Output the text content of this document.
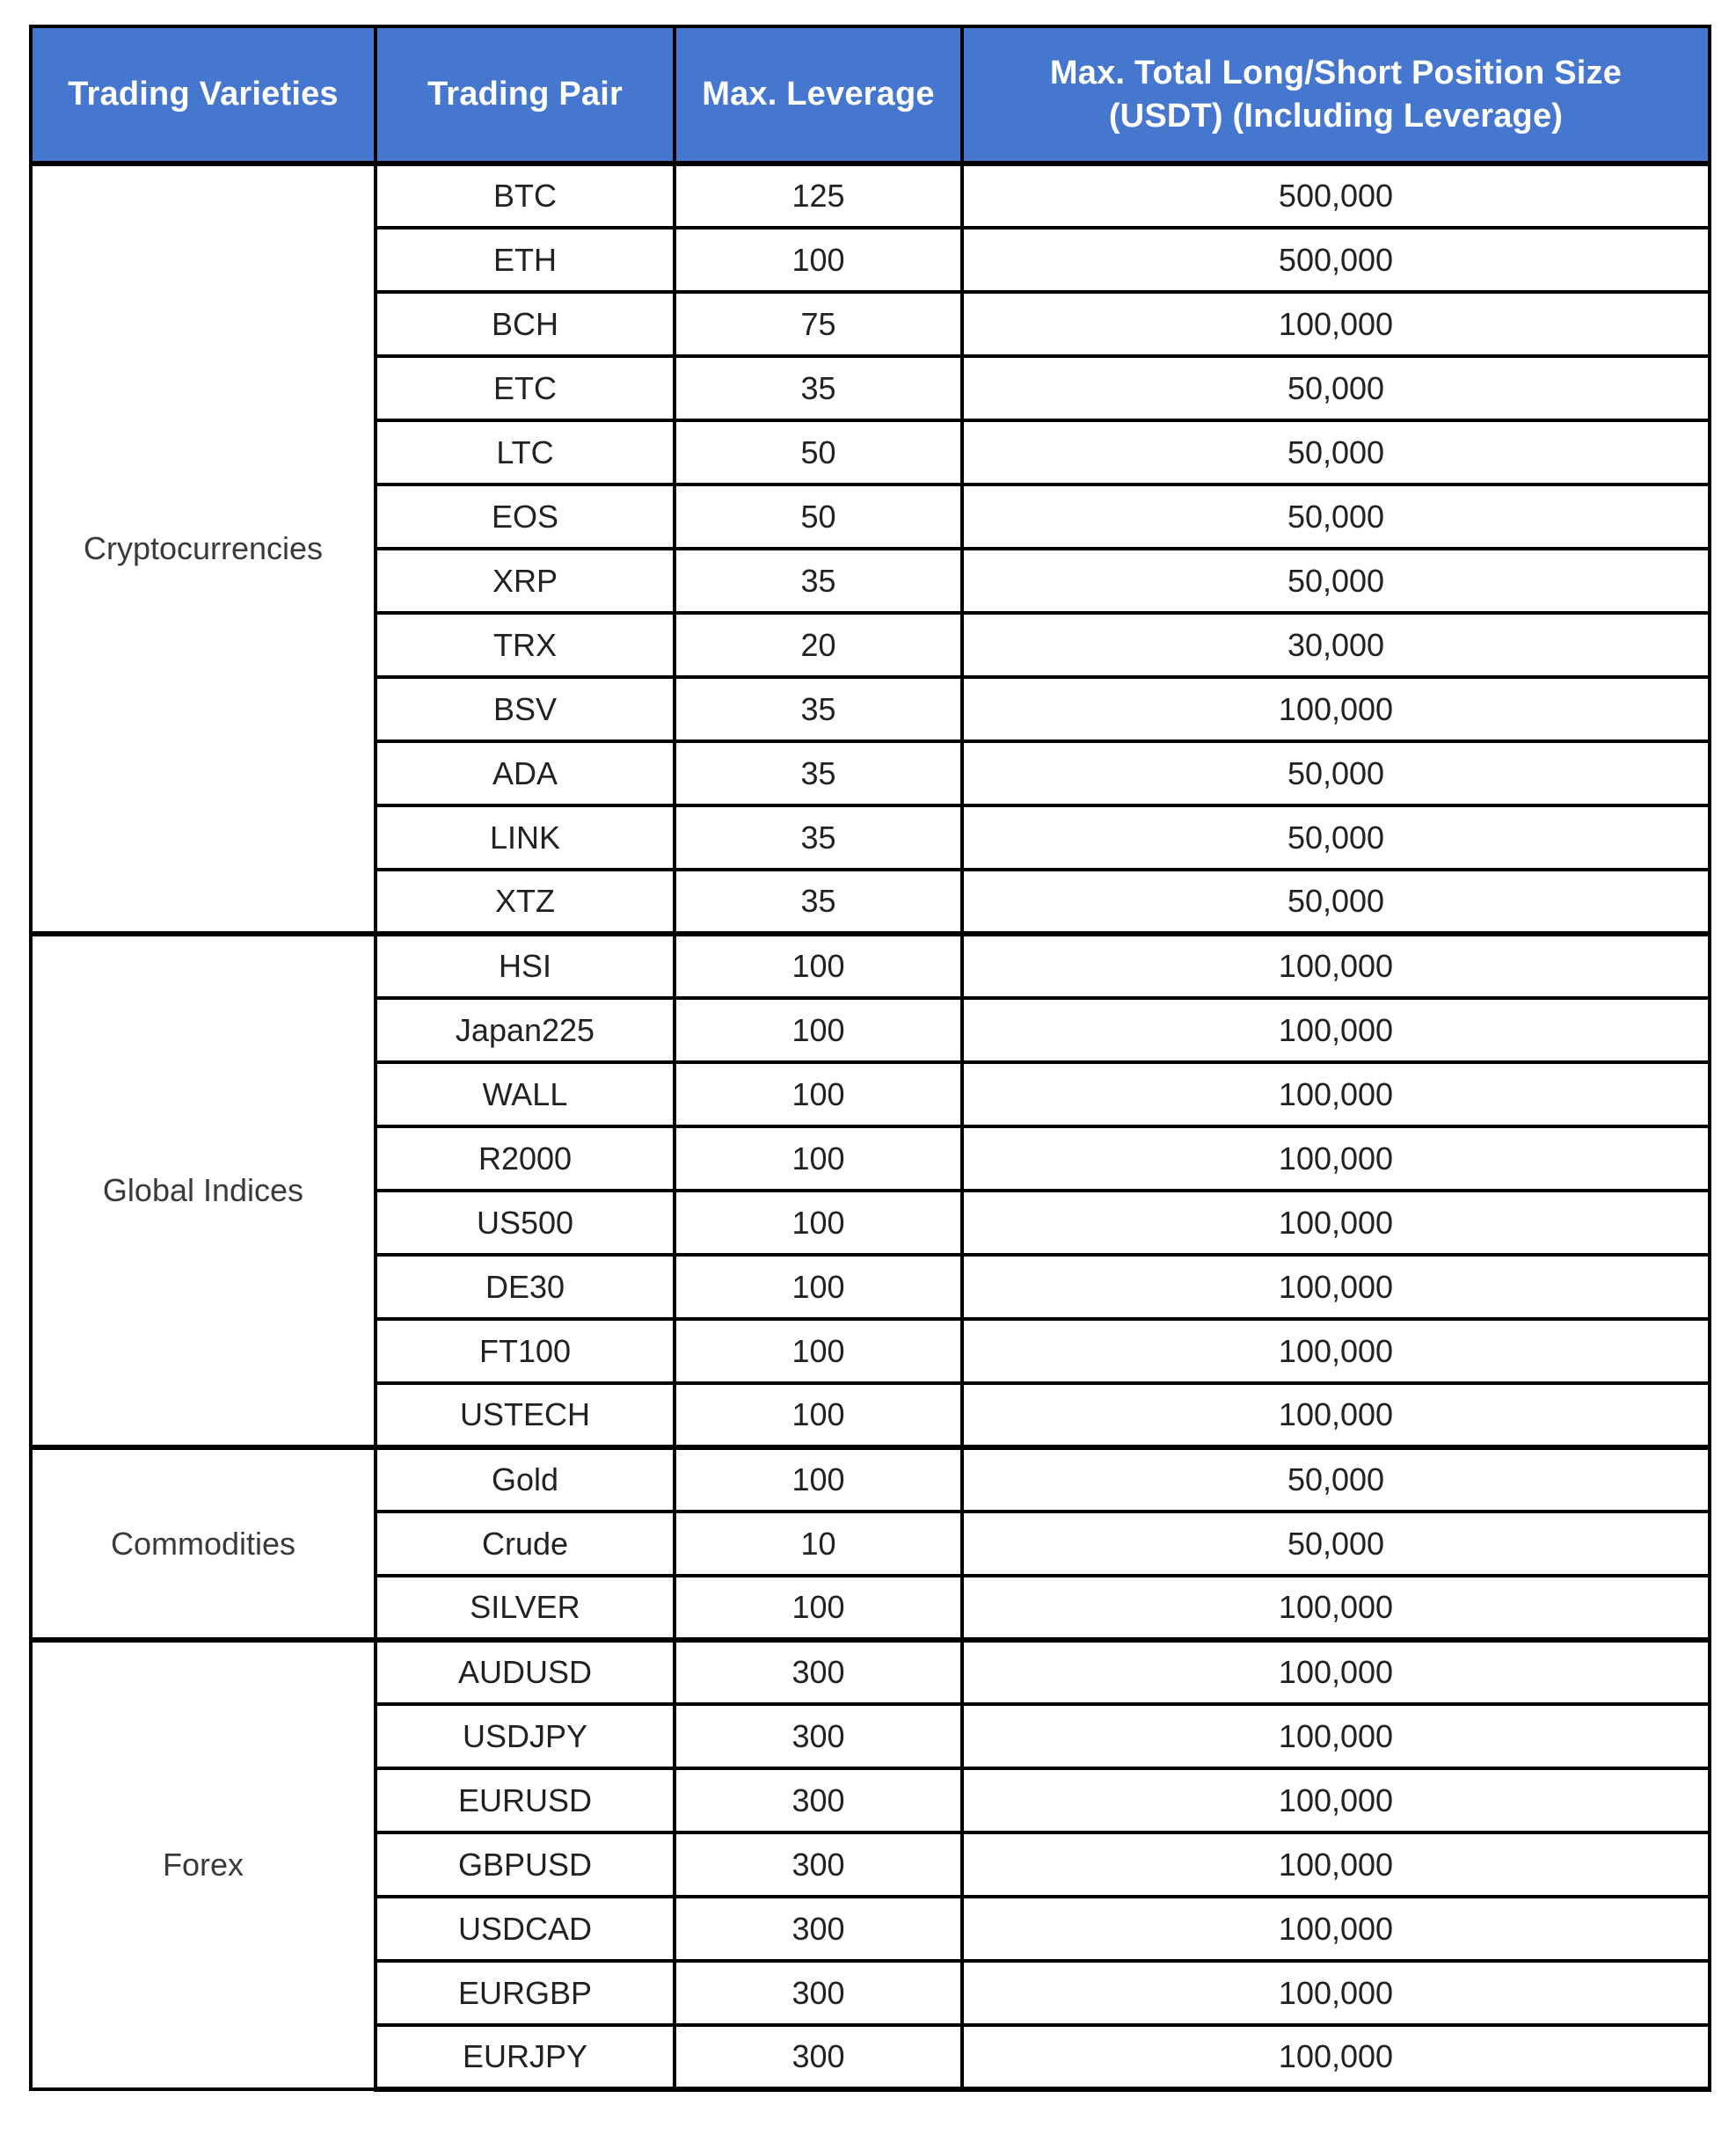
Trading Varieties	Trading Pair	Max. Leverage	Max. Total Long/Short Position Size
(USDT) (Including Leverage)
Cryptocurrencies	BTC	125	500,000
	ETH	100	500,000
	BCH	75	100,000
	ETC	35	50,000
	LTC	50	50,000
	EOS	50	50,000
	XRP	35	50,000
	TRX	20	30,000
	BSV	35	100,000
	ADA	35	50,000
	LINK	35	50,000
	XTZ	35	50,000
Global Indices	HSI	100	100,000
	Japan225	100	100,000
	WALL	100	100,000
	R2000	100	100,000
	US500	100	100,000
	DE30	100	100,000
	FT100	100	100,000
	USTECH	100	100,000
Commodities	Gold	100	50,000
	Crude	10	50,000
	SILVER	100	100,000
Forex	AUDUSD	300	100,000
	USDJPY	300	100,000
	EURUSD	300	100,000
	GBPUSD	300	100,000
	USDCAD	300	100,000
	EURGBP	300	100,000
	EURJPY	300	100,000
